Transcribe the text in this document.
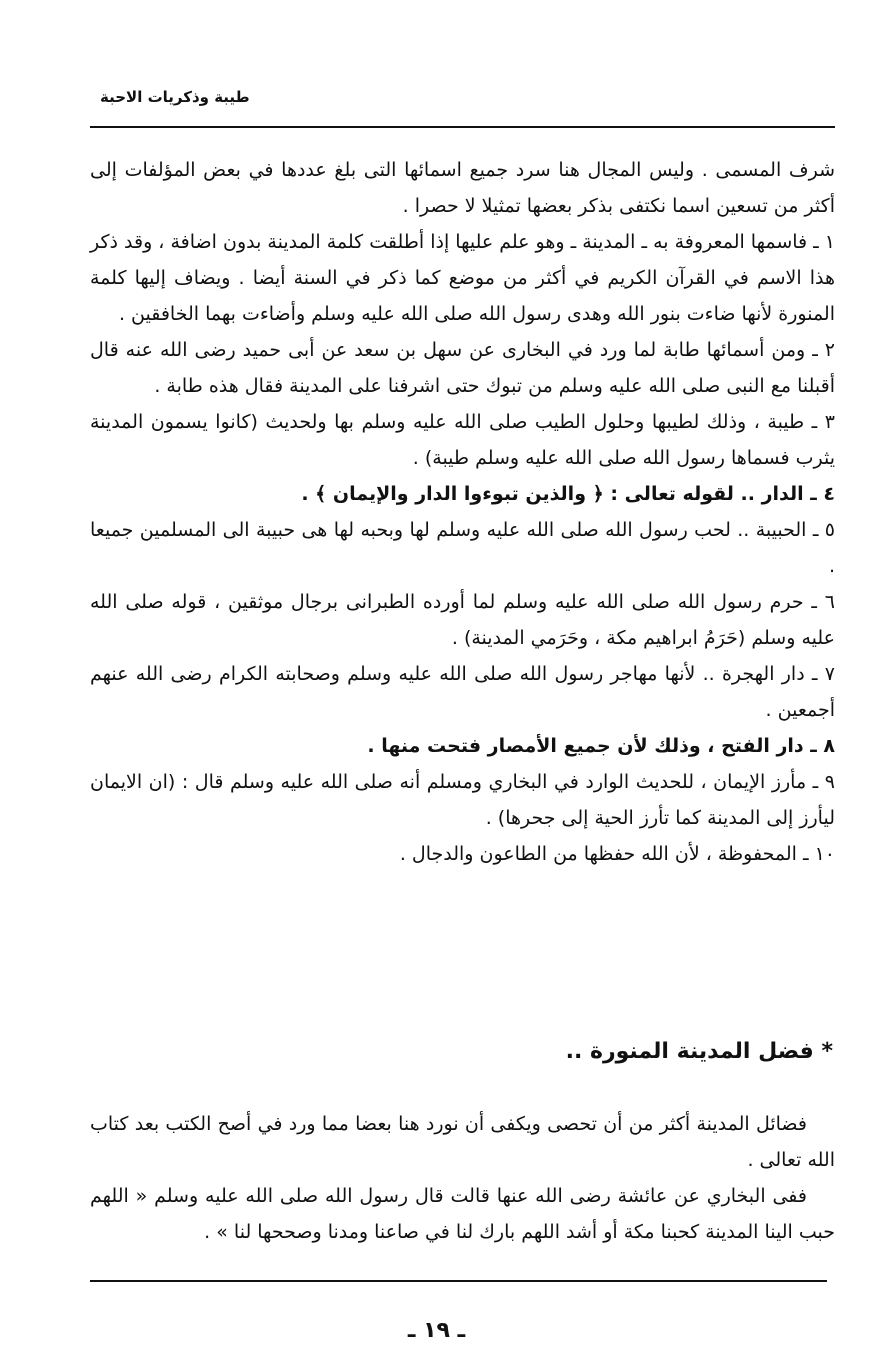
طيبة وذكريات الاحبة

شرف المسمى . وليس المجال هنا سرد جميع اسمائها التى بلغ عددها في بعض المؤلفات إلى أكثر من تسعين اسما نكتفى بذكر بعضها تمثيلا لا حصرا .

١ ـ فاسمها المعروفة به ـ المدينة ـ وهو علم عليها إذا أطلقت كلمة المدينة بدون اضافة ، وقد ذكر هذا الاسم في القرآن الكريم في أكثر من موضع كما ذكر في السنة أيضا . ويضاف إليها كلمة المنورة لأنها ضاءت بنور الله وهدى رسول الله صلى الله عليه وسلم وأضاءت بهما الخافقين .

٢ ـ ومن أسمائها طابة لما ورد في البخارى عن سهل بن سعد عن أبى حميد رضى الله عنه قال أقبلنا مع النبى صلى الله عليه وسلم من تبوك حتى اشرفنا على المدينة فقال هذه طابة .

٣ ـ طيبة ، وذلك لطيبها وحلول الطيب صلى الله عليه وسلم بها ولحديث (كانوا يسمون المدينة يثرب فسماها رسول الله صلى الله عليه وسلم طيبة) .

٤ ـ الدار .. لقوله تعالى : ﴿ والذين تبوءوا الدار والإيمان ﴾ .

٥ ـ الحبيبة .. لحب رسول الله صلى الله عليه وسلم لها وبحبه لها هى حبيبة الى المسلمين جميعا .

٦ ـ حرم رسول الله صلى الله عليه وسلم لما أورده الطبرانى برجال موثقين ، قوله صلى الله عليه وسلم (حَرَمُ ابراهيم مكة ، وحَرَمي المدينة) .

٧ ـ دار الهجرة .. لأنها مهاجر رسول الله صلى الله عليه وسلم وصحابته الكرام رضى الله عنهم أجمعين .

٨ ـ دار الفتح ، وذلك لأن جميع الأمصار فتحت منها .

٩ ـ مأرز الإيمان ، للحديث الوارد في البخاري ومسلم أنه صلى الله عليه وسلم قال : (ان الايمان ليأرز إلى المدينة كما تأرز الحية إلى جحرها) .

١٠ ـ المحفوظة ، لأن الله حفظها من الطاعون والدجال .

* فضل المدينة المنورة ..

فضائل المدينة أكثر من أن تحصى ويكفى أن نورد هنا بعضا مما ورد في أصح الكتب بعد كتاب الله تعالى .

ففى البخاري عن عائشة رضى الله عنها قالت قال رسول الله صلى الله عليه وسلم « اللهم حبب الينا المدينة كحبنا مكة أو أشد اللهم بارك لنا في صاعنا ومدنا وصححها لنا » .

ـ ١٩ ـ
